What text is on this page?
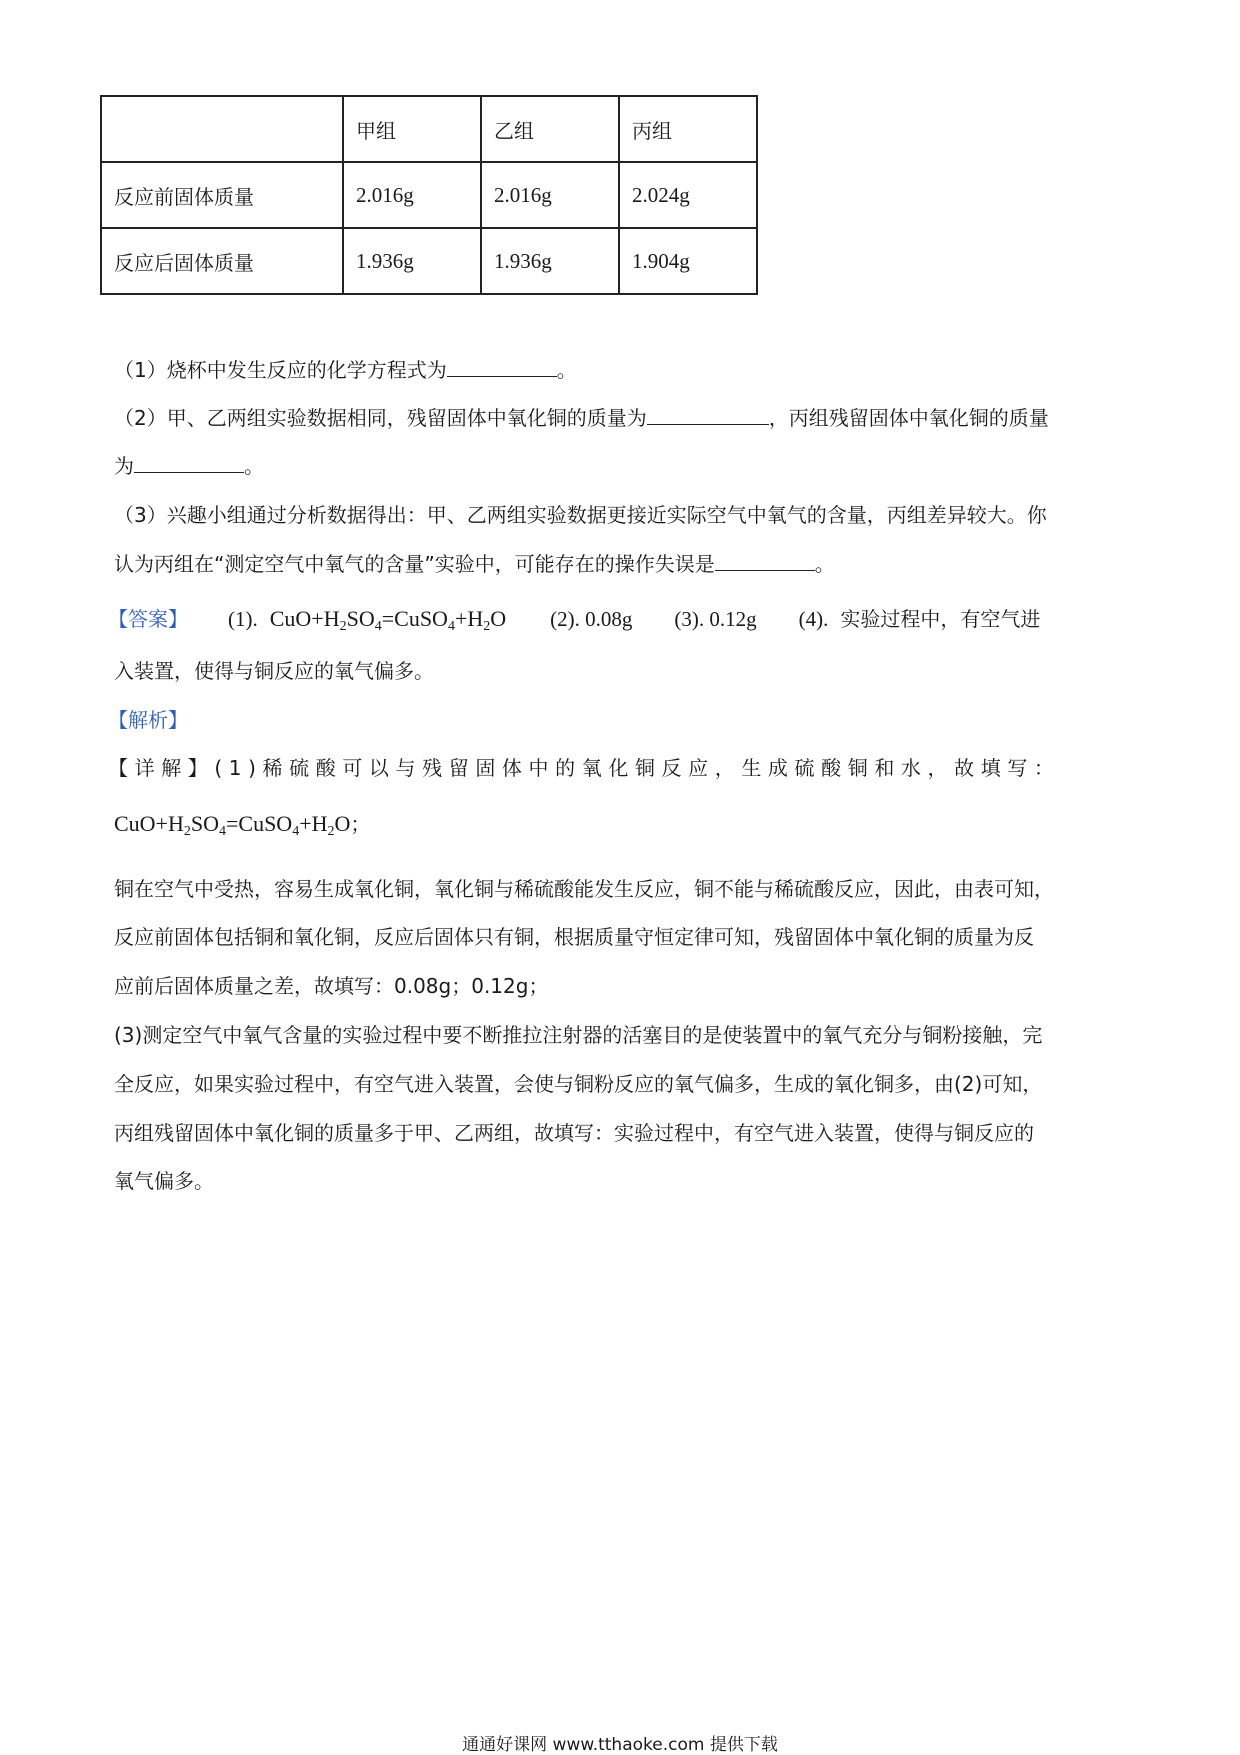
	甲组	乙组	丙组
反应前固体质量	2.016g	2.016g	2.024g
反应后固体质量	1.936g	1.936g	1.904g
（1）烧杯中发生反应的化学方程式为	。
（2）甲、乙两组实验数据相同，残留固体中氧化铜的质量为	，丙组残留固体中氧化铜的质量
为	。
（3）兴趣小组通过分析数据得出：甲、乙两组实验数据更接近实际空气中氧气的含量，丙组差异较大。你
认为丙组在“测定空气中氧气的含量”实验中，可能存在的操作失误是	。
【答案】 (1). $CuO+H_2SO_4=CuSO_4+H_2O$ (2). 0.08g (3). 0.12g (4). 实验过程中，有空气进
入装置，使得与铜反应的氧气偏多。
【解析】
【详解】(1)稀硫酸可以与残留固体中的氧化铜反应，生成硫酸铜和水，故填写：
$CuO+H_2SO_4=CuSO_4+H_2O$；
铜在空气中受热，容易生成氧化铜，氧化铜与稀硫酸能发生反应，铜不能与稀硫酸反应，因此，由表可知，
反应前固体包括铜和氧化铜，反应后固体只有铜，根据质量守恒定律可知，残留固体中氧化铜的质量为反
应前后固体质量之差，故填写：0.08g；0.12g；
(3)测定空气中氧气含量的实验过程中要不断推拉注射器的活塞目的是使装置中的氧气充分与铜粉接触，完
全反应，如果实验过程中，有空气进入装置，会使与铜粉反应的氧气偏多，生成的氧化铜多，由(2)可知，
丙组残留固体中氧化铜的质量多于甲、乙两组，故填写：实验过程中，有空气进入装置，使得与铜反应的
氧气偏多。
通通好课网 www.tthaoke.com 提供下载
